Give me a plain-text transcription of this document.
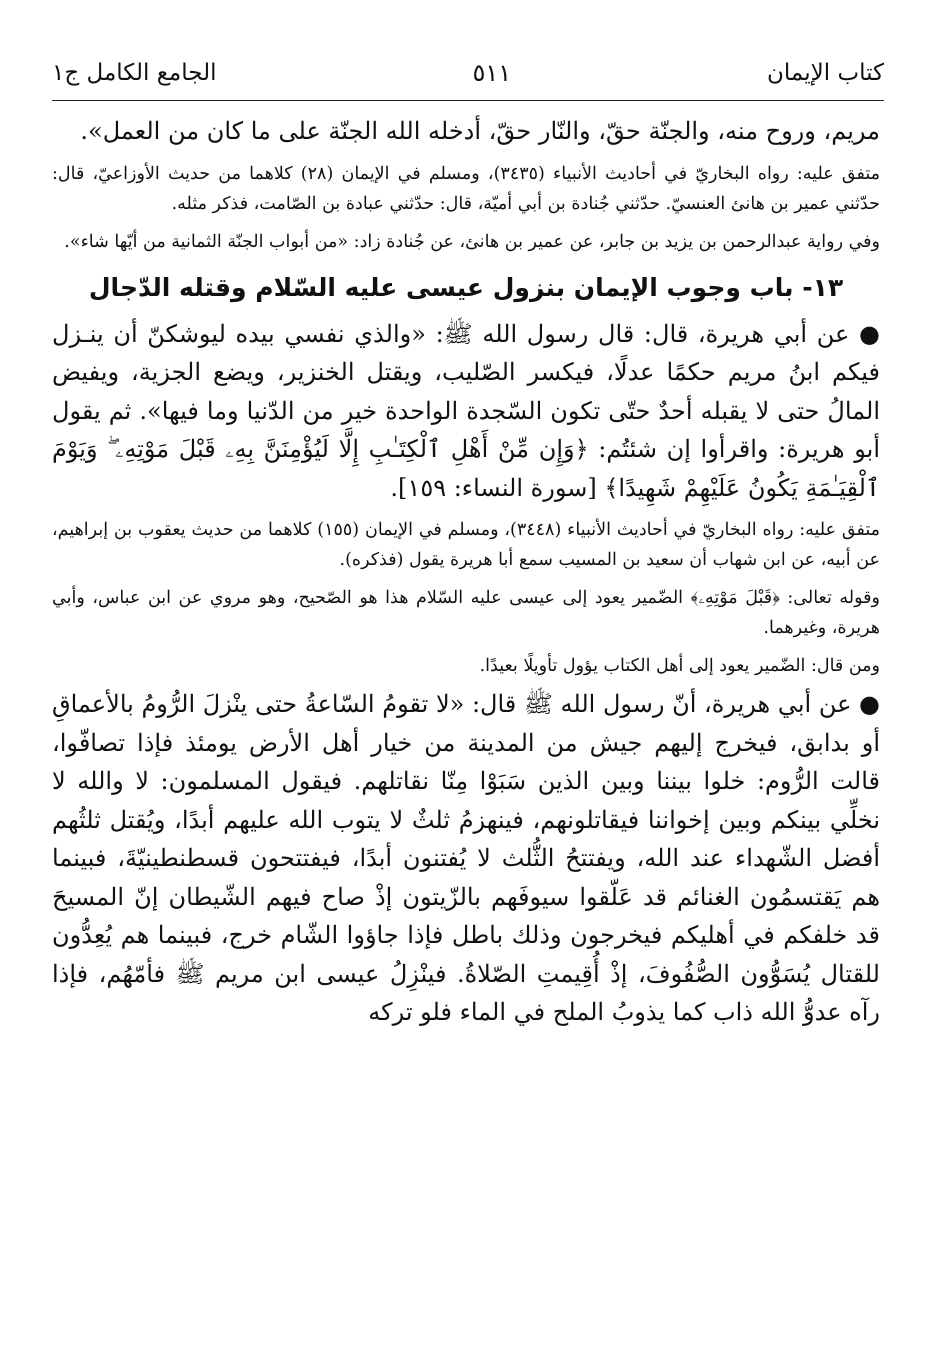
كتاب الإيمان
٥١١
الجامع الكامل ج١

مريم، وروح منه، والجنّة حقّ، والنّار حقّ، أدخله الله الجنّة على ما كان من العمل».

متفق عليه: رواه البخاريّ في أحاديث الأنبياء (٣٤٣٥)، ومسلم في الإيمان (٢٨) كلاهما من حديث الأوزاعيّ، قال: حدّثني عمير بن هانئ العنسيّ. حدّثني جُنادة بن أبي أميّة، قال: حدّثني عبادة بن الصّامت، فذكر مثله.

وفي رواية عبدالرحمن بن يزيد بن جابر، عن عمير بن هانئ، عن جُنادة زاد: «من أبواب الجنّة الثمانية من أيّها شاء».

١٣- باب وجوب الإيمان بنزول عيسى عليه السّلام وقتله الدّجال

● عن أبي هريرة، قال: قال رسول الله ﷺ: «والذي نفسي بيده ليوشكنّ أن ينـزل فيكم ابنُ مريم حكمًا عدلًا، فيكسر الصّليب، ويقتل الخنزير، ويضع الجزية، ويفيض المالُ حتى لا يقبله أحدٌ حتّى تكون السّجدة الواحدة خير من الدّنيا وما فيها». ثم يقول أبو هريرة: واقرأوا إن شئتُم: ﴿وَإِن مِّنْ أَهْلِ ٱلْكِتَـٰبِ إِلَّا لَيُؤْمِنَنَّ بِهِۦ قَبْلَ مَوْتِهِۦ ۖ وَيَوْمَ ٱلْقِيَـٰمَةِ يَكُونُ عَلَيْهِمْ شَهِيدًا﴾ [سورة النساء: ١٥٩].

متفق عليه: رواه البخاريّ في أحاديث الأنبياء (٣٤٤٨)، ومسلم في الإيمان (١٥٥) كلاهما من حديث يعقوب بن إبراهيم، عن أبيه، عن ابن شهاب أن سعيد بن المسيب سمع أبا هريرة يقول (فذكره).

وقوله تعالى: ﴿قَبْلَ مَوْتِهِۦ﴾ الضّمير يعود إلى عيسى عليه السّلام هذا هو الصّحيح، وهو مروي عن ابن عباس، وأبي هريرة، وغيرهما.

ومن قال: الضّمير يعود إلى أهل الكتاب يؤول تأويلًا بعيدًا.

● عن أبي هريرة، أنّ رسول الله ﷺ قال: «لا تقومُ السّاعةُ حتى ينْزلَ الرُّومُ بالأعماقِ أو بدابق، فيخرج إليهم جيش من المدينة من خيار أهل الأرض يومئذ فإذا تصافّوا، قالت الرُّوم: خلوا بيننا وبين الذين سَبَوْا مِنّا نقاتلهم. فيقول المسلمون: لا والله لا نخلِّي بينكم وبين إخواننا فيقاتلونهم، فينهزمُ ثلثٌ لا يتوب الله عليهم أبدًا، ويُقتل ثلثُهم أفضل الشّهداء عند الله، ويفتتحُ الثُّلث لا يُفتنون أبدًا، فيفتتحون قسطنطينيّةَ، فبينما هم يَقتسمُون الغنائم قد عَلّقوا سيوفَهم بالزّيتون إذْ صاح فيهم الشّيطان إنّ المسيحَ قد خلفكم في أهليكم فيخرجون وذلك باطل فإذا جاؤوا الشّام خرج، فبينما هم يُعِدُّون للقتال يُسَوُّون الصُّفُوفَ، إذْ أُقِيمتِ الصّلاةُ. فينْزِلُ عيسى ابن مريم ﷺ فأمّهُم، فإذا رآه عدوُّ الله ذاب كما يذوبُ الملح في الماء فلو تركه
